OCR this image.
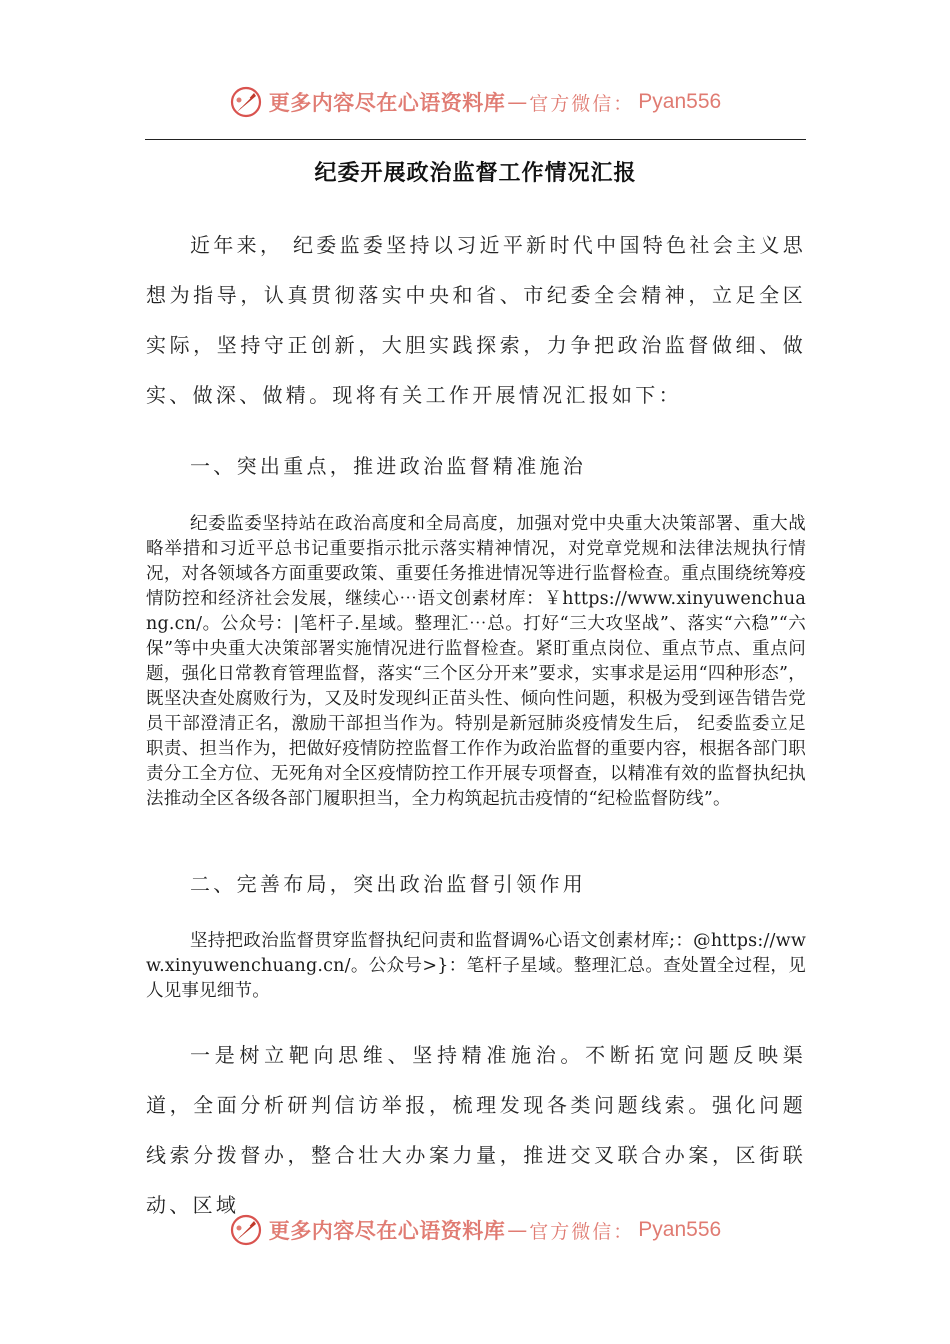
更多内容尽在心语资料库 — 官方微信： Pyan556
纪委开展政治监督工作情况汇报

近年来， 纪委监委坚持以习近平新时代中国特色社会主义思想为指导，认真贯彻落实中央和省、市纪委全会精神，立足全区实际，坚持守正创新，大胆实践探索，力争把政治监督做细、做实、做深、做精。现将有关工作开展情况汇报如下：

一、突出重点，推进政治监督精准施治

纪委监委坚持站在政治高度和全局高度，加强对党中央重大决策部署、重大战略举措和习近平总书记重要指示批示落实精神情况，对党章党规和法律法规执行情况，对各领域各方面重要政策、重要任务推进情况等进行监督检查。重点围绕统筹疫情防控和经济社会发展，继续心⋯语文创素材库：￥https://www.xinyuwenchuang.cn/。公众号：|笔杆子.星域。整理汇⋯总。打好“三大攻坚战”、落实“六稳”“六保”等中央重大决策部署实施情况进行监督检查。紧盯重点岗位、重点节点、重点问题，强化日常教育管理监督，落实“三个区分开来”要求，实事求是运用“四种形态”，既坚决查处腐败行为，又及时发现纠正苗头性、倾向性问题，积极为受到诬告错告党员干部澄清正名，激励干部担当作为。特别是新冠肺炎疫情发生后， 纪委监委立足职责、担当作为，把做好疫情防控监督工作作为政治监督的重要内容，根据各部门职责分工全方位、无死角对全区疫情防控工作开展专项督查，以精准有效的监督执纪执法推动全区各级各部门履职担当，全力构筑起抗击疫情的“纪检监督防线”。

二、完善布局，突出政治监督引领作用

坚持把政治监督贯穿监督执纪问责和监督调%心语文创素材库;：@https://www.xinyuwenchuang.cn/。公众号>}：笔杆子星域。整理汇总。查处置全过程，见人见事见细节。

一是树立靶向思维、坚持精准施治。不断拓宽问题反映渠道，全面分析研判信访举报，梳理发现各类问题线索。强化问题线索分拨督办，整合壮大办案力量，推进交叉联合办案，区街联动、区域

更多内容尽在心语资料库 — 官方微信： Pyan556
